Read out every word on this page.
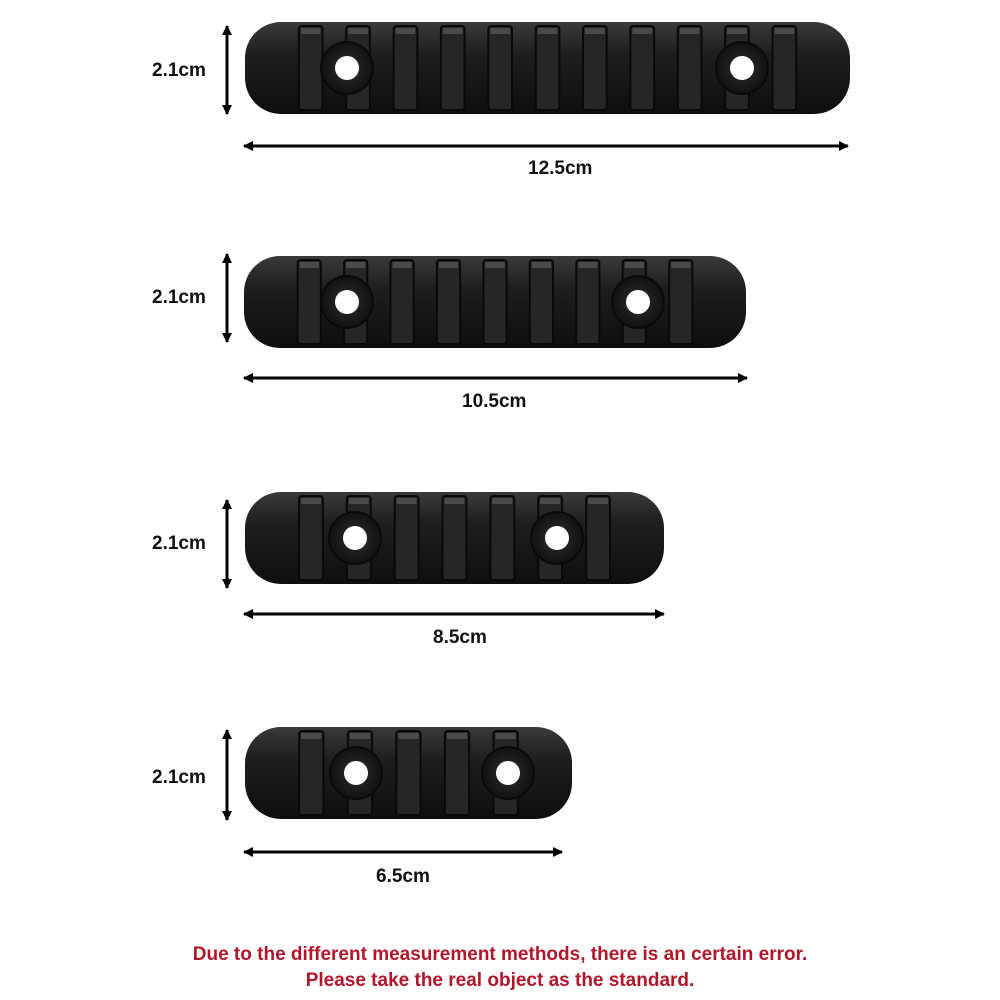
2.1cm
12.5cm
2.1cm
10.5cm
2.1cm
8.5cm
2.1cm
6.5cm
Due to the different measurement methods, there is an certain error.
Please take the real object as the standard.
